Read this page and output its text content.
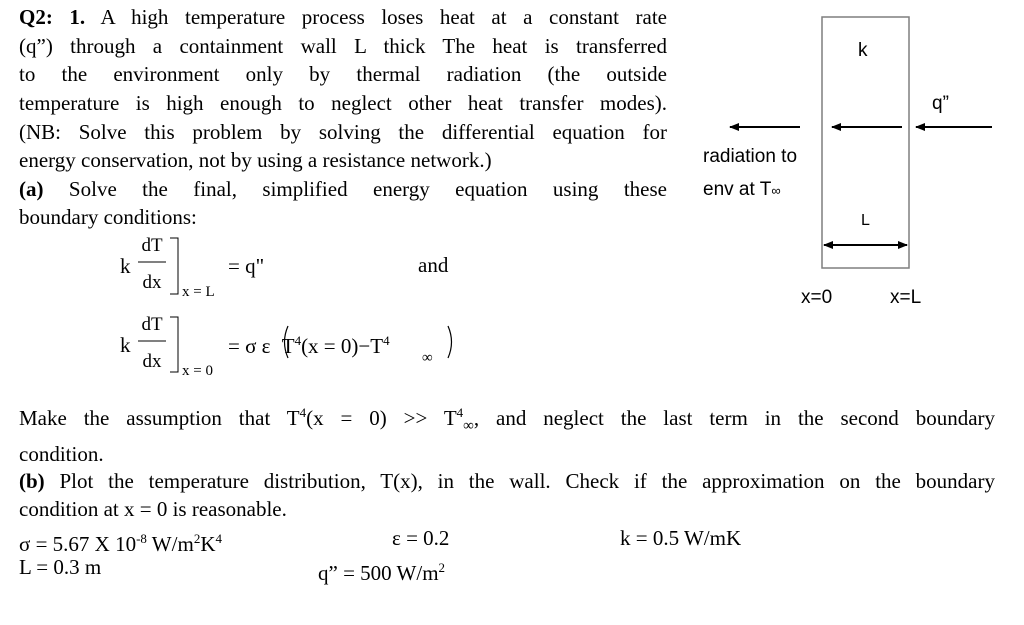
Q2: 1. A high temperature process loses heat at a constant rate
(q”) through a containment wall L thick The heat is transferred
to the environment only by thermal radiation (the outside
temperature is high enough to neglect other heat transfer modes).
(NB: Solve this problem by solving the differential equation for
energy conservation, not by using a resistance network.)
(a) Solve the final, simplified energy equation using these
boundary conditions:
k
dT
dx	x = L
= q"	and
k
dT
dx	x = 0
= σ ε $T^4(x = 0)-T^4$
∞
Make the assumption that $T^4(x = 0) >> T^4_\infty$, and neglect the last term in the second boundary
condition.
(b) Plot the temperature distribution, T(x), in the wall. Check if the approximation on the boundary
condition at x = 0 is reasonable.
σ = 5.67 X $10^{-8}$ $W/m^2K^4$	ε = 0.2	k = 0.5 W/mK
L = 0.3 m	q” = 500 $W/m^2$
k
q”
radiation to
env at T∞
L
x=0	x=L
